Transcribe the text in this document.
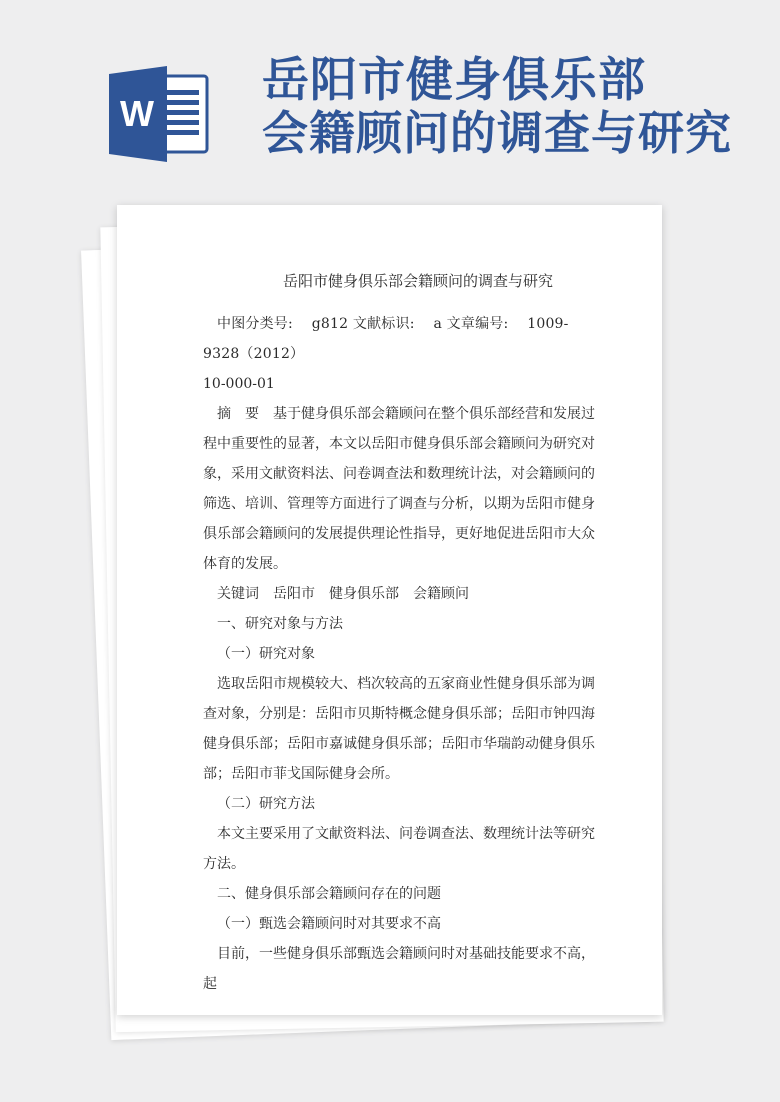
W
岳阳市健身俱乐部
会籍顾问的调查与研究
岳阳市健身俱乐部会籍顾问的调查与研究

中图分类号:　 g812 文献标识:　 a 文章编号:　 1009-9328（2012）

10-000-01

摘　要　基于健身俱乐部会籍顾问在整个俱乐部经营和发展过程中重要性的显著，本文以岳阳市健身俱乐部会籍顾问为研究对象，采用文献资料法、问卷调查法和数理统计法，对会籍顾问的筛选、培训、管理等方面进行了调查与分析，以期为岳阳市健身俱乐部会籍顾问的发展提供理论性指导，更好地促进岳阳市大众体育的发展。

关键词　岳阳市　健身俱乐部　会籍顾问

一、研究对象与方法

（一）研究对象

选取岳阳市规模较大、档次较高的五家商业性健身俱乐部为调查对象，分别是：岳阳市贝斯特概念健身俱乐部；岳阳市钟四海健身俱乐部；岳阳市嘉诚健身俱乐部；岳阳市华瑞韵动健身俱乐部；岳阳市菲戈国际健身会所。

（二）研究方法

本文主要采用了文献资料法、问卷调查法、数理统计法等研究方法。

二、健身俱乐部会籍顾问存在的问题

（一）甄选会籍顾问时对其要求不高

目前，一些健身俱乐部甄选会籍顾问时对基础技能要求不高，　起
